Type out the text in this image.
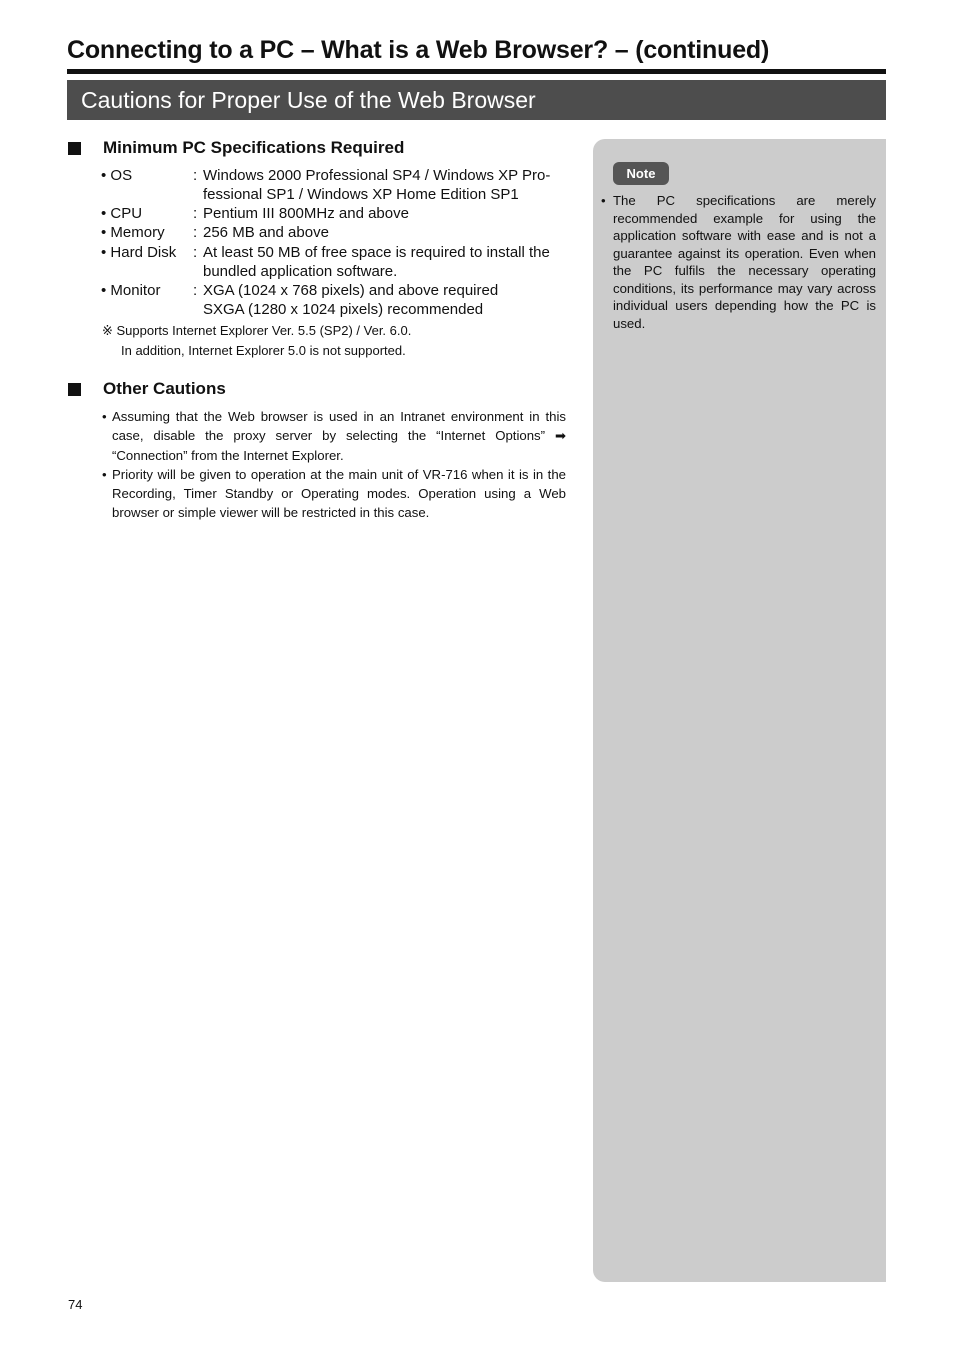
Connecting to a PC – What is a Web Browser? – (continued)
Cautions for Proper Use of the Web Browser
Minimum PC Specifications Required
• OS	: Windows 2000 Professional SP4 / Windows XP Pro-
fessional SP1 / Windows XP Home Edition SP1
• CPU	: Pentium III 800MHz and above
• Memory	: 256 MB and above
• Hard Disk	: At least 50 MB of free space is required to install the
bundled application software.
• Monitor	: XGA (1024 x 768 pixels) and above required
SXGA (1280 x 1024 pixels) recommended
※ Supports Internet Explorer Ver. 5.5 (SP2) / Ver. 6.0.
In addition, Internet Explorer 5.0 is not supported.
Other Cautions
• Assuming that the Web browser is used in an Intranet environment in this case, disable the proxy server by selecting the “Internet Options” ➡ “Connection” from the Internet Explorer.
• Priority will be given to operation at the main unit of VR-716 when it is in the Recording, Timer Standby or Operating modes. Operation using a Web browser or simple viewer will be restricted in this case.
Note
• The PC specifications are merely recommended example for using the application software with ease and is not a guarantee against its operation. Even when the PC fulfils the necessary operating conditions, its performance may vary across individual users depending how the PC is used.
74
